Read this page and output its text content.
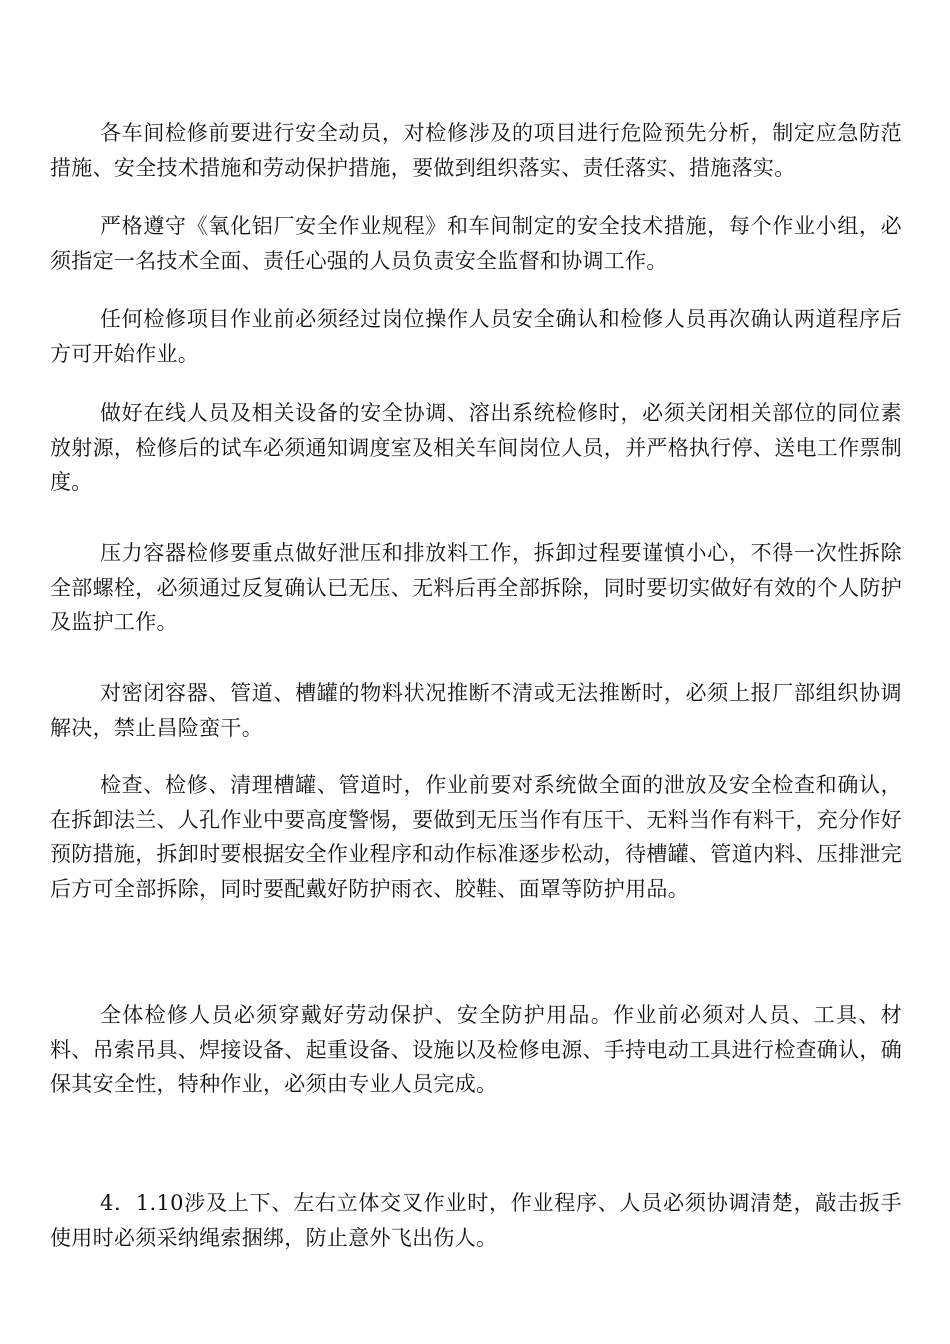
各车间检修前要进行安全动员，对检修涉及的项目进行危险预先分析，制定应急防范措施、安全技术措施和劳动保护措施，要做到组织落实、责任落实、措施落实。

严格遵守《氧化铝厂安全作业规程》和车间制定的安全技术措施，每个作业小组，必须指定一名技术全面、责任心强的人员负责安全监督和协调工作。

任何检修项目作业前必须经过岗位操作人员安全确认和检修人员再次确认两道程序后方可开始作业。

做好在线人员及相关设备的安全协调、溶出系统检修时，必须关闭相关部位的同位素放射源，检修后的试车必须通知调度室及相关车间岗位人员，并严格执行停、送电工作票制度。

压力容器检修要重点做好泄压和排放料工作，拆卸过程要谨慎小心，不得一次性拆除全部螺栓，必须通过反复确认已无压、无料后再全部拆除，同时要切实做好有效的个人防护及监护工作。

对密闭容器、管道、槽罐的物料状况推断不清或无法推断时，必须上报厂部组织协调解决，禁止昌险蛮干。

检查、检修、清理槽罐、管道时，作业前要对系统做全面的泄放及安全检查和确认，在拆卸法兰、人孔作业中要高度警惕，要做到无压当作有压干、无料当作有料干，充分作好预防措施，拆卸时要根据安全作业程序和动作标准逐步松动，待槽罐、管道内料、压排泄完后方可全部拆除，同时要配戴好防护雨衣、胶鞋、面罩等防护用品。

全体检修人员必须穿戴好劳动保护、安全防护用品。作业前必须对人员、工具、材料、吊索吊具、焊接设备、起重设备、设施以及检修电源、手持电动工具进行检查确认，确保其安全性，特种作业，必须由专业人员完成。

4．1.10涉及上下、左右立体交叉作业时，作业程序、人员必须协调清楚，敲击扳手使用时必须采纳绳索捆绑，防止意外飞出伤人。
